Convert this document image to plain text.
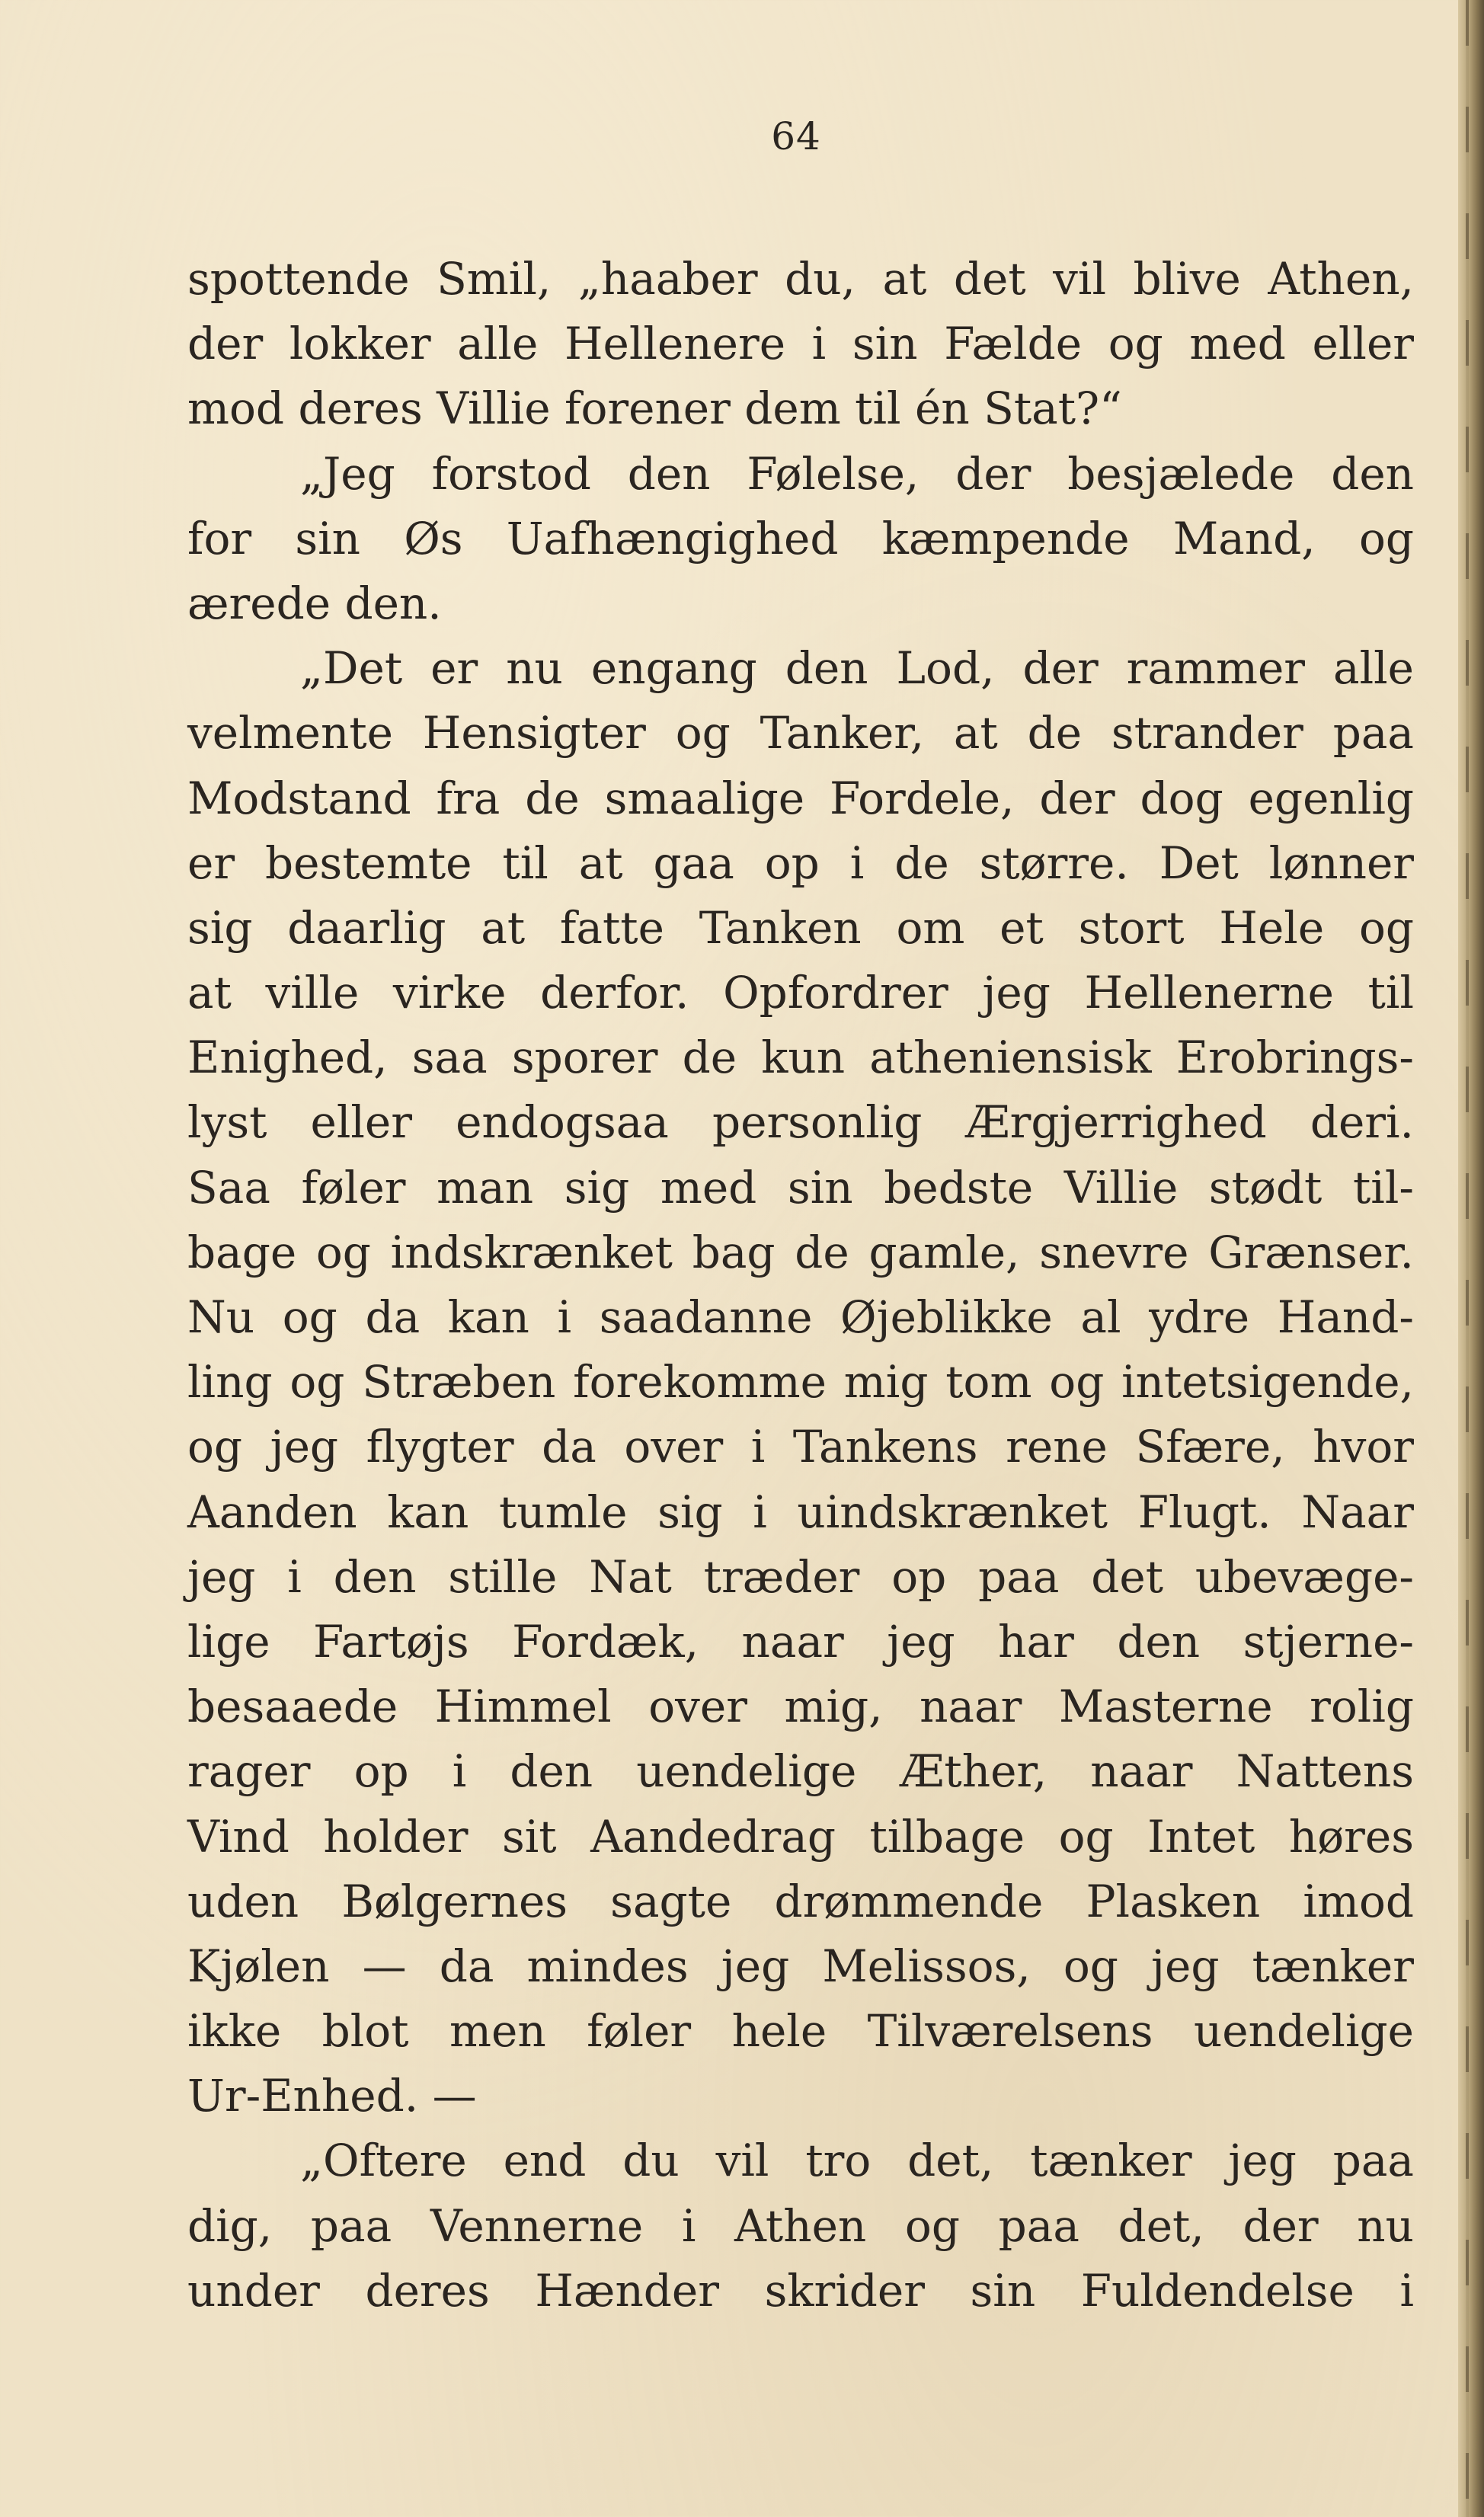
64
spottende Smil, „haaber du, at det vil blive Athen,
der lokker alle Hellenere i sin Fælde og med eller
mod deres Villie forener dem til én Stat?“
„Jeg forstod den Følelse, der besjælede den
for sin Øs Uafhængighed kæmpende Mand, og
ærede den.
„Det er nu engang den Lod, der rammer alle
velmente Hensigter og Tanker, at de strander paa
Modstand fra de smaalige Fordele, der dog egenlig
er bestemte til at gaa op i de større. Det lønner
sig daarlig at fatte Tanken om et stort Hele og
at ville virke derfor. Opfordrer jeg Hellenerne til
Enighed, saa sporer de kun atheniensisk Erobrings-
lyst eller endogsaa personlig Ærgjerrighed deri.
Saa føler man sig med sin bedste Villie stødt til-
bage og indskrænket bag de gamle, snevre Grænser.
Nu og da kan i saadanne Øjeblikke al ydre Hand-
ling og Stræben forekomme mig tom og intetsigende,
og jeg flygter da over i Tankens rene Sfære, hvor
Aanden kan tumle sig i uindskrænket Flugt. Naar
jeg i den stille Nat træder op paa det ubevæge-
lige Fartøjs Fordæk, naar jeg har den stjerne-
besaaede Himmel over mig, naar Masterne rolig
rager op i den uendelige Æther, naar Nattens
Vind holder sit Aandedrag tilbage og Intet høres
uden Bølgernes sagte drømmende Plasken imod
Kjølen — da mindes jeg Melissos, og jeg tænker
ikke blot men føler hele Tilværelsens uendelige
Ur-Enhed. —
„Oftere end du vil tro det, tænker jeg paa
dig, paa Vennerne i Athen og paa det, der nu
under deres Hænder skrider sin Fuldendelse i
